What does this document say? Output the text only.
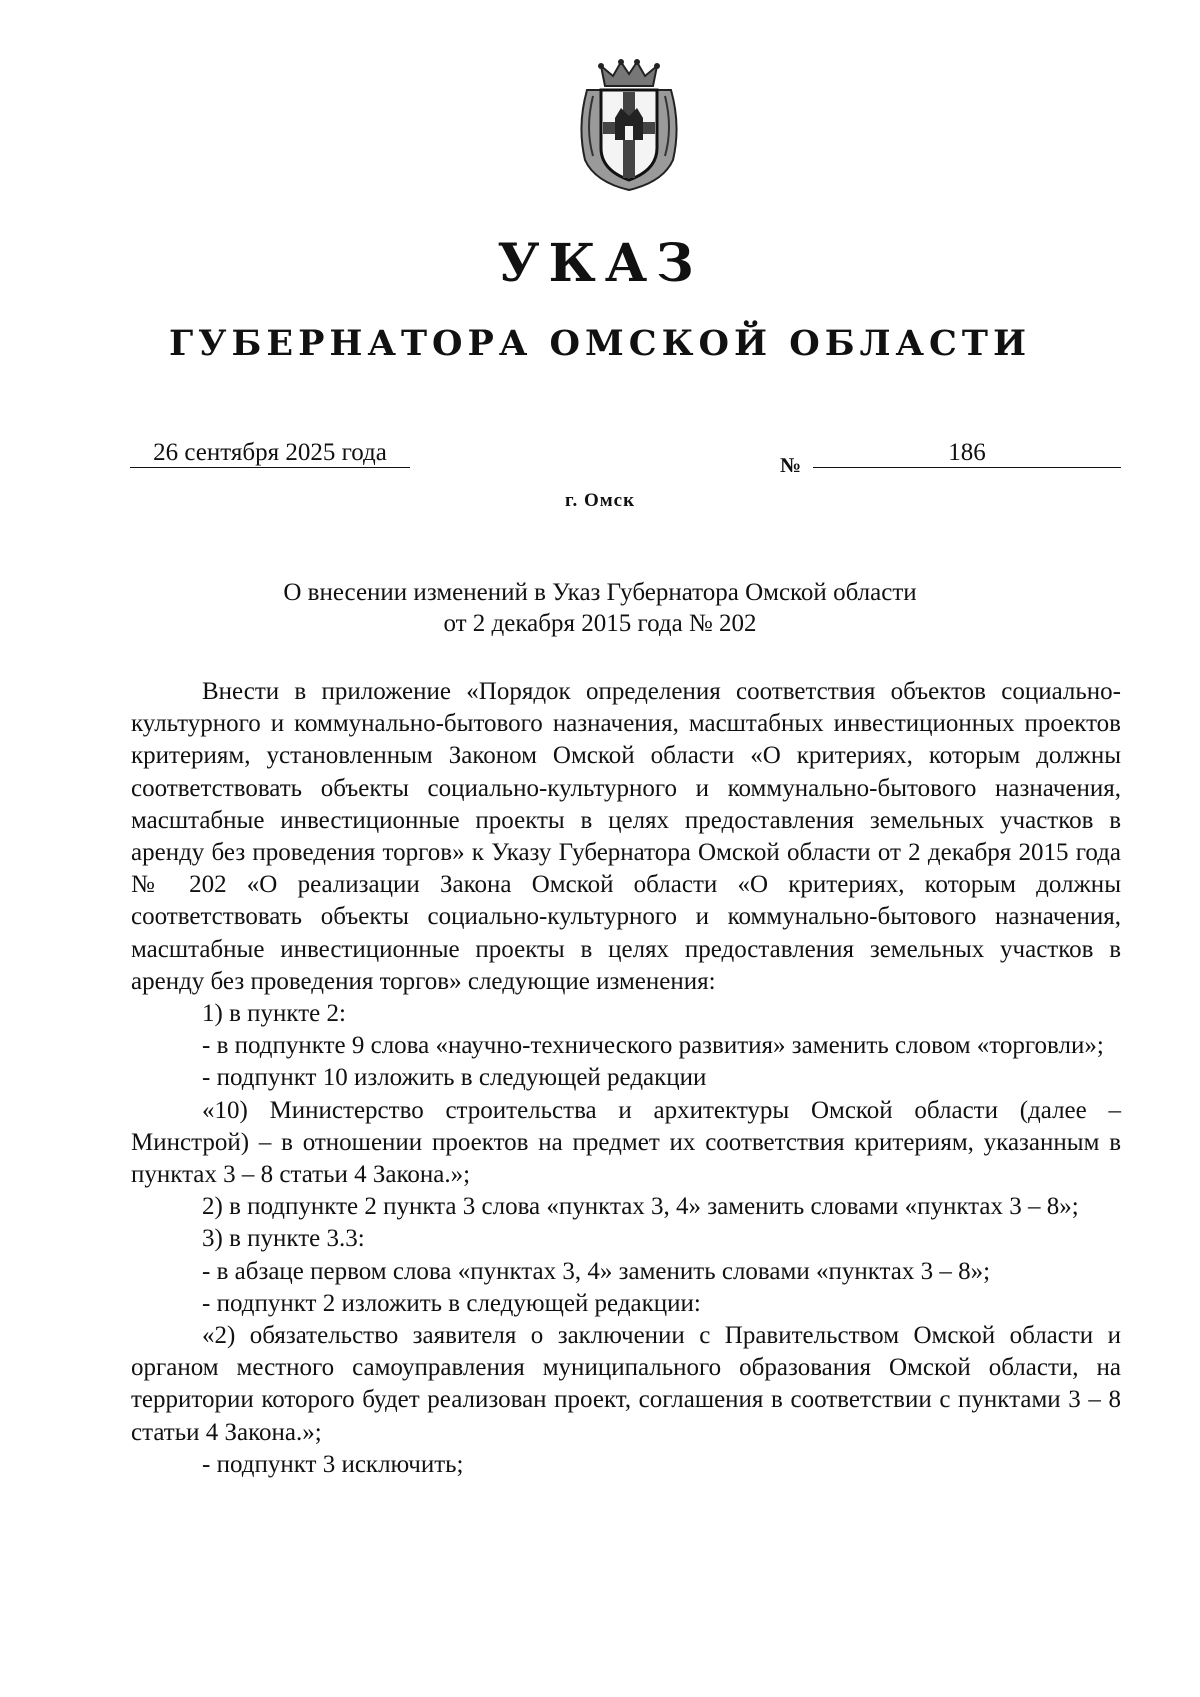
УКАЗ
ГУБЕРНАТОРА ОМСКОЙ ОБЛАСТИ
26 сентября 2025 года	№	186
г. Омск
О внесении изменений в Указ Губернатора Омской области
от 2 декабря 2015 года № 202

Внести в приложение «Порядок определения соответствия объектов социально-культурного и коммунально-бытового назначения, масштабных инвестиционных проектов критериям, установленным Законом Омской области «О критериях, которым должны соответствовать объекты социально-культурного и коммунально-бытового назначения, масштабные инвестиционные проекты в целях предоставления земельных участков в аренду без проведения торгов» к Указу Губернатора Омской области от 2 декабря 2015 года № 202 «О реализации Закона Омской области «О критериях, которым должны соответствовать объекты социально-культурного и коммунально-бытового назначения, масштабные инвестиционные проекты в целях предоставления земельных участков в аренду без проведения торгов» следующие изменения:

1) в пункте 2:

- в подпункте 9 слова «научно-технического развития» заменить словом «торговли»;

- подпункт 10 изложить в следующей редакции

«10) Министерство строительства и архитектуры Омской области (далее – Минстрой) – в отношении проектов на предмет их соответствия критериям, указанным в пунктах 3 – 8 статьи 4 Закона.»;

2) в подпункте 2 пункта 3 слова «пунктах 3, 4» заменить словами «пунктах 3 – 8»;

3) в пункте 3.3:

- в абзаце первом слова «пунктах 3, 4» заменить словами «пунктах 3 – 8»;

- подпункт 2 изложить в следующей редакции:

«2) обязательство заявителя о заключении с Правительством Омской области и органом местного самоуправления муниципального образования Омской области, на территории которого будет реализован проект, соглашения в соответствии с пунктами 3 – 8 статьи 4 Закона.»;

- подпункт 3 исключить;
